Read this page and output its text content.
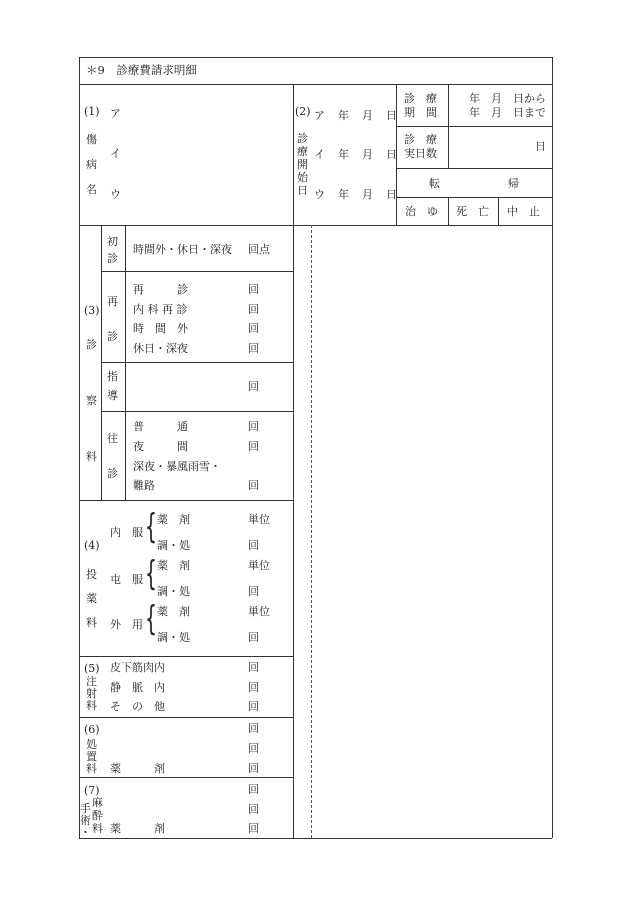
＊9　診療費請求明細
(1)
傷
病
名
ア
イ
ウ
(2)
診
療
開
始
日
ア 年 月 日
イ 年 月 日
ウ 年 月 日
診　療
期　間
年　月　日から
年　月　日まで
診　療
実日数
日
転	帰
治　ゆ 死　亡 中　止
(3)
診
察
料
初
診
時間外・休日・深夜 回点
再
診
再　　　診	回
内 科 再 診	回
時　間　外	回
休日・深夜	回
指
導
回
往
診
普　　　通	回
夜　　　間	回
深夜・暴風雨雪・
難路	回
(4)
投
薬
料
内　服 { 薬　剤	単位
調・処	回
屯　服 { 薬　剤	単位
調・処	回
外　用 { 薬　剤	単位
調・処	回
(5)
注
射
料
皮下筋肉内	回
静　脈　内	回
そ　の　他	回
(6)
処
置
料
回
回
薬　　　剤	回
(7)
手
術
・
麻
酔
料
回
回
薬　　　剤	回
